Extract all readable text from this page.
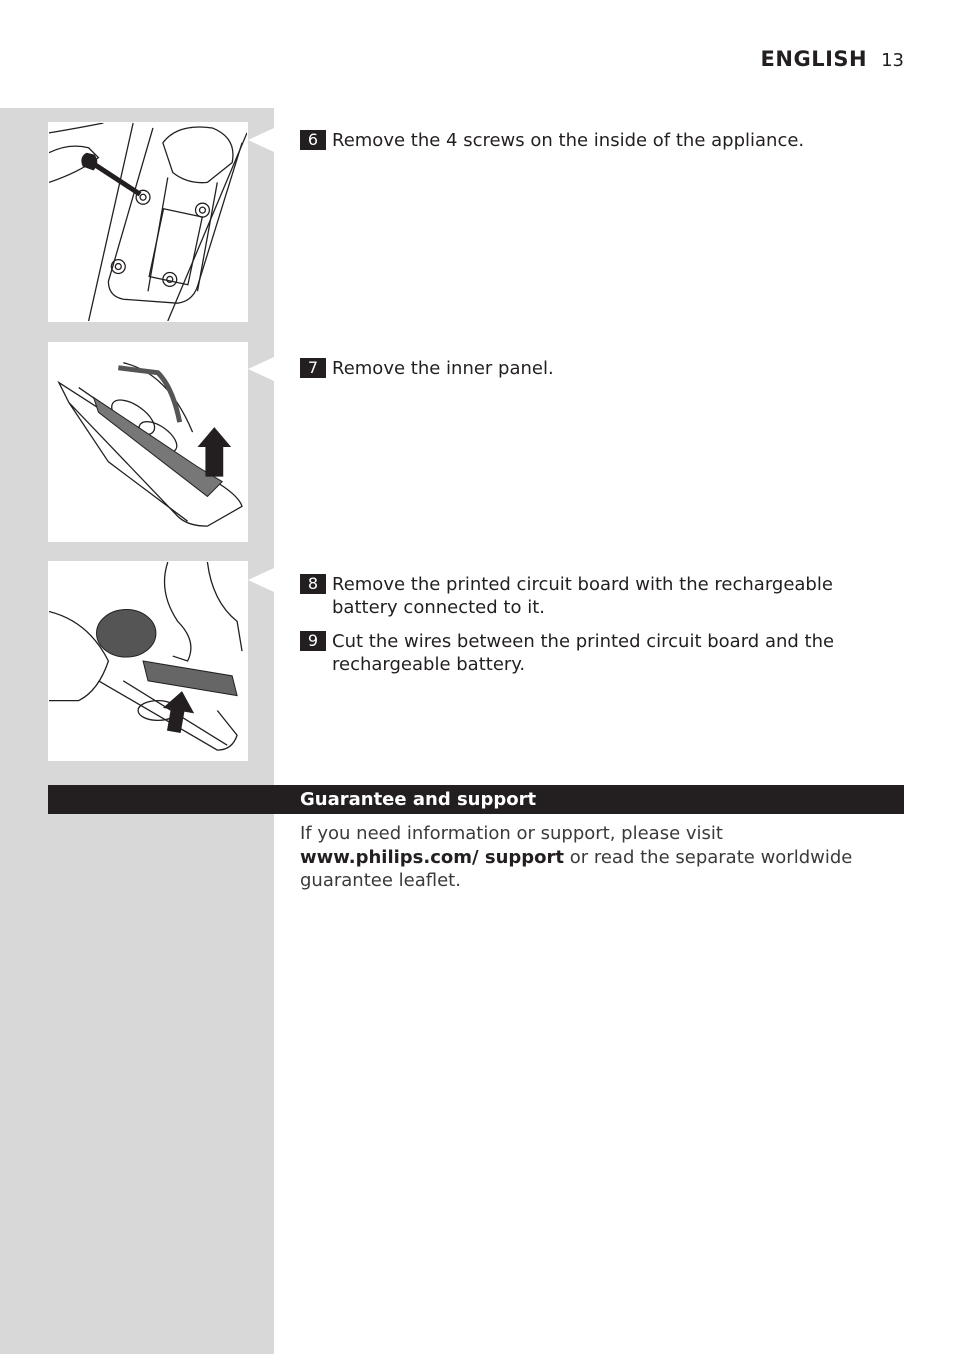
ENGLISH 13
6 Remove the 4 screws on the inside of the appliance.
7 Remove the inner panel.
8 Remove the printed circuit board with the rechargeable battery connected to it.
9 Cut the wires between the printed circuit board and the rechargeable battery.
Guarantee and support
If you need information or support, please visit www.philips.com/ support or read the separate worldwide guarantee leaflet.
